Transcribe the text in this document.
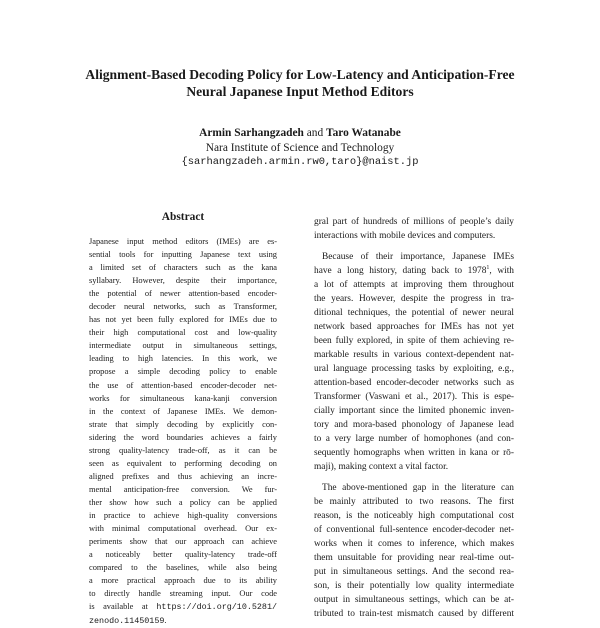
Alignment-Based Decoding Policy for Low-Latency and Anticipation-Free
Neural Japanese Input Method Editors
Armin Sarhangzadeh and Taro Watanabe
Nara Institute of Science and Technology
{sarhangzadeh.armin.rw0,taro}@naist.jp
Abstract
Japanese input method editors (IMEs) are es-
sential tools for inputting Japanese text using
a limited set of characters such as the kana
syllabary. However, despite their importance,
the potential of newer attention-based encoder-
decoder neural networks, such as Transformer,
has not yet been fully explored for IMEs due to
their high computational cost and low-quality
intermediate output in simultaneous settings,
leading to high latencies. In this work, we
propose a simple decoding policy to enable
the use of attention-based encoder-decoder net-
works for simultaneous kana-kanji conversion
in the context of Japanese IMEs. We demon-
strate that simply decoding by explicitly con-
sidering the word boundaries achieves a fairly
strong quality-latency trade-off, as it can be
seen as equivalent to performing decoding on
aligned prefixes and thus achieving an incre-
mental anticipation-free conversion. We fur-
ther show how such a policy can be applied
in practice to achieve high-quality conversions
with minimal computational overhead. Our ex-
periments show that our approach can achieve
a noticeably better quality-latency trade-off
compared to the baselines, while also being
a more practical approach due to its ability
to directly handle streaming input. Our code
is available at https://doi.org/10.5281/
zenodo.11450159.
gral part of hundreds of millions of people’s daily
interactions with mobile devices and computers.
Because of their importance, Japanese IMEs
have a long history, dating back to 1978$^1$, with
a lot of attempts at improving them throughout
the years. However, despite the progress in tra-
ditional techniques, the potential of newer neural
network based approaches for IMEs has not yet
been fully explored, in spite of them achieving re-
markable results in various context-dependent nat-
ural language processing tasks by exploiting, e.g.,
attention-based encoder-decoder networks such as
Transformer (Vaswani et al., 2017). This is espe-
cially important since the limited phonemic inven-
tory and mora-based phonology of Japanese lead
to a very large number of homophones (and con-
sequently homographs when written in kana or rō-
maji), making context a vital factor.
The above-mentioned gap in the literature can
be mainly attributed to two reasons. The first
reason, is the noticeably high computational cost
of conventional full-sentence encoder-decoder net-
works when it comes to inference, which makes
them unsuitable for providing near real-time out-
put in simultaneous settings. And the second rea-
son, is their potentially low quality intermediate
output in simultaneous settings, which can be at-
tributed to train-test mismatch caused by different
